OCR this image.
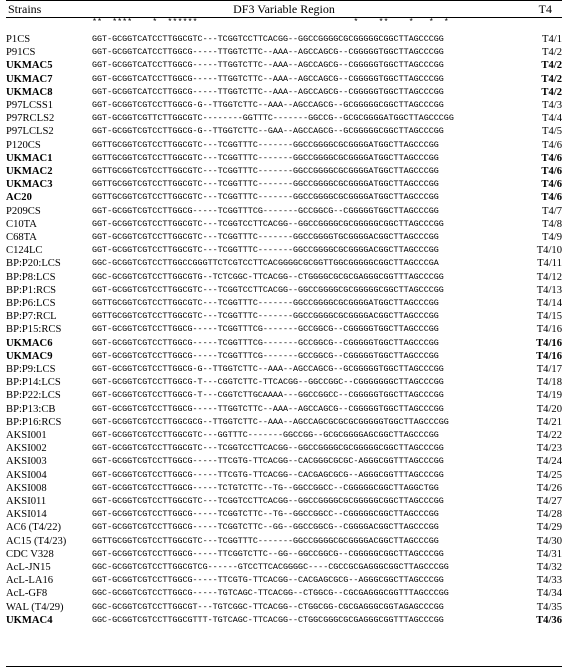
Strains	DF3 Variable Region	T4
**  ****    *  ******                               *    **    *   *  *
P1CS	GGT-GCGGTCATCCTTGGCGTC---TCGGTCCTTCACGG--GGCCGGGGCGCGGGGGCGGCTTAGCCCGG	T4/1
P91CS	GGT-GCGGTCATCCTTGGCG-----TTGGTCTTC--AAA--AGCCAGCG--CGGGGGTGGCTTAGCCCGG	T4/2
UKMAC5	GGT-GCGGTCATCCTTGGCG-----TTGGTCTTC--AAA--AGCCAGCG--CGGGGGTGGCTTAGCCCGG	T4/2
UKMAC7	GGT-GCGGTCATCCTTGGCG-----TTGGTCTTC--AAA--AGCCAGCG--CGGGGGTGGCTTAGCCCGG	T4/2
UKMAC8	GGT-GCGGTCATCCTTGGCG-----TTGGTCTTC--AAA--AGCCAGCG--CGGGGGTGGCTTAGCCCGG	T4/2
P97LCSS1	GGT-GCGGTCGTCCTTGGCG-G--TTGGTCTTC--AAA--AGCCAGCG--GCGGGGGCGGCTTAGCCCGG	T4/3
P97RCLS2	GGT-GCGGTCGTTCTTGGCGTC--------GGTTTC-------GGCCG--GCGCGGGGATGGCTTAGCCCGG	T4/4
P97LCLS2	GGT-GCGGTCGTCCTTGGCG-G--TTGGTCTTC--GAA--AGCCAGCG--GCGGGGGCGGCTTAGCCCGG	T4/5
P120CS	GGTTGCGGTCGTCCTTGGCGTC---TCGGTTTC-------GGCCGGGGCGCGGGGATGGCTTAGCCCGG	T4/6
UKMAC1	GGTTGCGGTCGTCCTTGGCGTC---TCGGTTTC-------GGCCGGGGCGCGGGGATGGCTTAGCCCGG	T4/6
UKMAC2	GGTTGCGGTCGTCCTTGGCGTC---TCGGTTTC-------GGCCGGGGCGCGGGGATGGCTTAGCCCGG	T4/6
UKMAC3	GGTTGCGGTCGTCCTTGGCGTC---TCGGTTTC-------GGCCGGGGCGCGGGGATGGCTTAGCCCGG	T4/6
AC20	GGTTGCGGTCGTCCTTGGCGTC---TCGGTTTC-------GGCCGGGGCGCGGGGATGGCTTAGCCCGG	T4/6
P209CS	GGT-GCGGTCGTCCTTGGCG-----TCGGTTTCG-------GCCGGCG--CGGGGGTGGCTTAGCCCGG	T4/7
C10TA	GGT-GCGGTCGTCCTTGGCGTC---TCGGTCCTTCACGG--GGCCGGGGCGCGGGGGCGGCTTAGCCCGG	T4/8
C68TA	GGT-GCGGTCGTCCTTGGCGTC---TCGGTTTC-------GGCCGGGGTGCGGGGACGGCTTAGCCCGG	T4/9
C124LC	GGT-GCGGTCGTCCTTGGCGTC---TCGGTTTC-------GGCCGGGGCGCGGGGACGGCTTAGCCCGG	T4/10
BP:P20:LCS	GGC-GCGGTCGTCCTTGGCCGGGTTCTCGTCCTTCACGGGGCGCGGTTGGCGGGGGCGGCTTAGCCCGA	T4/11
BP:P8:LCS	GGC-GCGGTCGTCCTTGGCGTG--TCTCGGC-TTCACGG--CTGGGGCGCGCGAGGGCGGTTTAGCCCGG	T4/12
BP:P1:RCS	GGT-GCGGTCGTCCTTGGCGTC---TCGGTCCTTCACGG--GGCCGGGGCGCGGGGGCGGCTTAGCCCGG	T4/13
BP:P6:LCS	GGTTGCGGTCGTCCTTGGCGTC---TCGGTTTC-------GGCCGGGGCGCGGGGATGGCTTAGCCCGG	T4/14
BP:P7:RCL	GGTTGCGGTCGTCCTTGGCGTC---TCGGTTTC-------GGCCGGGGCGCGGGGACGGCTTAGCCCGG	T4/15
BP:P15:RCS	GGT-GCGGTCGTCCTTGGCG-----TCGGTTTCG-------GCCGGCG--CGGGGGTGGCTTAGCCCGG	T4/16
UKMAC6	GGT-GCGGTCGTCCTTGGCG-----TCGGTTTCG-------GCCGGCG--CGGGGGTGGCTTAGCCCGG	T4/16
UKMAC9	GGT-GCGGTCGTCCTTGGCG-----TCGGTTTCG-------GCCGGCG--CGGGGGTGGCTTAGCCCGG	T4/16
BP:P9:LCS	GGT-GCGGTCGTCCTTGGCG-G--TTGGTCTTC--AAA--AGCCAGCG--GCGGGGGTGGCTTAGCCCGG	T4/17
BP:P14:LCS	GGT-GCGGTCGTCCTTGGCG-T---CGGTCTTC-TTCACGG--GGCCGGC--CGGGGGGGCTTAGCCCGG	T4/18
BP:P22:LCS	GGT-GCGGTCGTCCTTGGCG-T---CGGTCTTGCAAAA---GGCCGGCC--CGGGGGTGGCTTAGCCCGG	T4/19
BP:P13:CB	GGT-GCGGTCGTCCTTGGCG-----TTGGTCTTC--AAA--AGCCAGCG--CGGGGGTGGCTTAGCCCGG	T4/20
BP:P16:RCS	GGT-GCGGTCGTCCTTGGCGCG--TTGGTCTTC--AAA--AGCCAGCGCGCGCGGGGGTGGCTTAGCCCGG	T4/21
AKSI001	GGT-GCGGTCGTCCTTGGCGTC---GGTTTC-------GGCCGG--GCGCGGGGAGCGGCTTAGCCCGG	T4/22
AKSI002	GGT-GCGGTCGTCCTTGGCGTC---TCGGTCCTTCACGG--GGCCGGGGCGCGGGGGCGGCTTAGCCCGG	T4/23
AKSI003	GGT-GCGGTCGTCCTTGGCG-----TTCGTG-TTCACGG--CACGGGCGCGC-AGGGCGGTTTAGCCCGG	T4/24
AKSI004	GGT-GCGGTCGTCCTTGGCG-----TTCGTG-TTCACGG--CACGAGCGCG--AGGGCGGTTTAGCCCGG	T4/25
AKSI008	GGT-GCGGTCGTCCTTGGCG-----TCTGTCTTC--TG--GGCCGGCC--CGGGGGCGGCTTAGGCTGG	T4/26
AKSI011	GGT-GCGGTCGTCCTTGGCGTC---TCGGTCCTTCACGG--GGCCGGGGCGCGGGGGCGGCTTAGCCCGG	T4/27
AKSI014	GGT-GCGGTCGTCCTTGGCG-----TCGGTCTTC--TG--GGCCGGCC--CGGGGGCGGCTTAGCCCGG	T4/28
AC6 (T4/22)	GGT-GCGGTCGTCCTTGGCG-----TCGGTCTTC--GG--GGCCGGCG--CGGGGACGGCTTAGCCCGG	T4/29
AC15 (T4/23)	GGTTGCGGTCGTCCTTGGCGTC---TCGGTTTC-------GGCCGGGGCGCGGGGACGGCTTAGCCCGG	T4/30
CDC V328	GGT-GCGGTCGTCCTTGGCG-----TTCGGTCTTC--GG--GGCCGGCG--CGGGGGCGGCTTAGCCCGG	T4/31
AcL-JN15	GGC-GCGGTCGTCCTTGGCGTCG------GTCCTTCACGGGGC----CGCCGCGAGGGCGGCTTAGCCCGG	T4/32
AcL-LA16	GGT-GCGGTCGTCCTTGGCG-----TTCGTG-TTCACGG--CACGAGCGCG--AGGGCGGCTTAGCCCGG	T4/33
AcL-GF8	GGC-GCGGTCGTCCTTGGCG-----TGTCAGC-TTCACGG--CTGGCG--CGCGAGGGCGGTTTAGCCCGG	T4/34
WAL (T4/29)	GGC-GCGGTCGTCCTTGGCGT---TGTCGGC-TTCACGG--CTGGCGG-CGCGAGGGCGGTAGAGCCCGG	T4/35
UKMAC4	GGC-GCGGTCGTCCTTGGCGTTT-TGTCAGC-TTCACGG--CTGGCGGGCGCGAGGGCGGTTTAGCCCGG	T4/36
